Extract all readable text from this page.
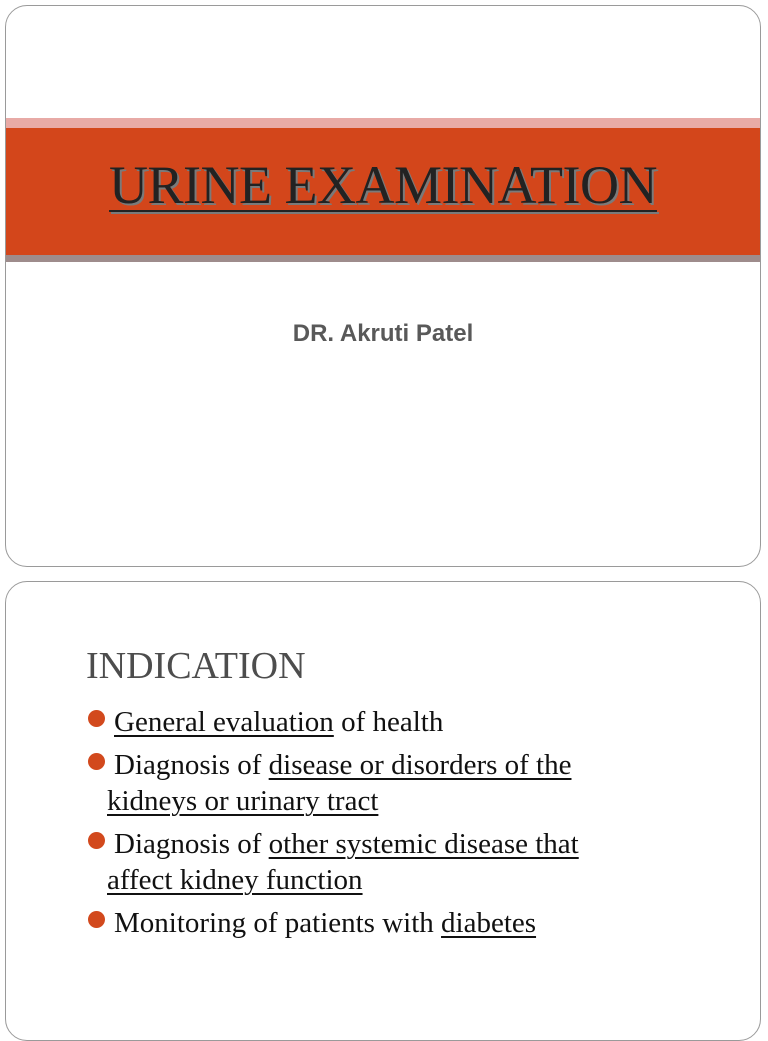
URINE EXAMINATION
DR. Akruti Patel
INDICATION
General evaluation of health
Diagnosis of disease or disorders of the
kidneys or urinary tract
Diagnosis of other systemic disease that
affect kidney function
Monitoring of patients with diabetes
